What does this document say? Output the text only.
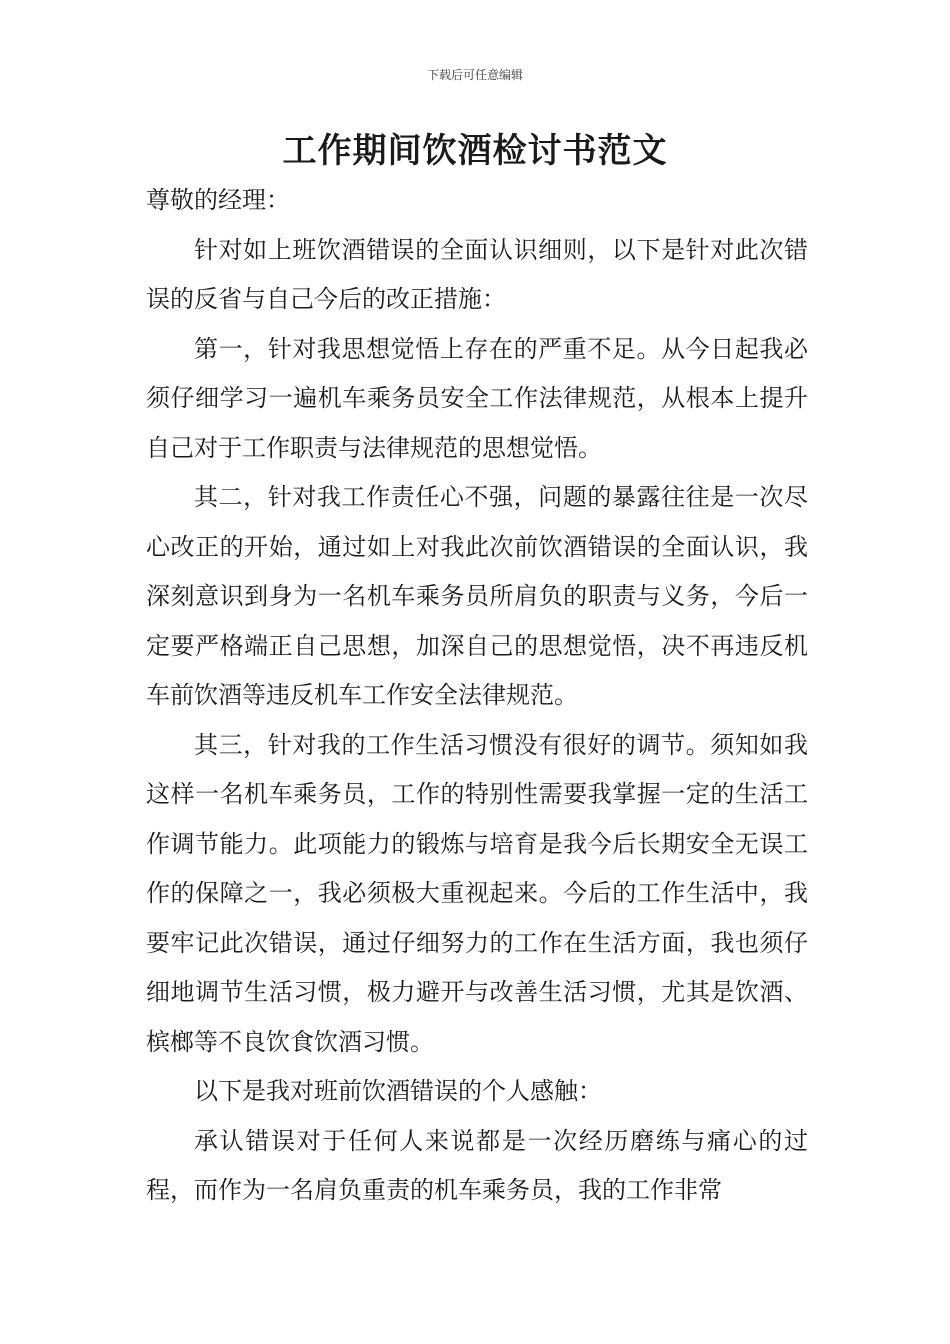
下载后可任意编辑
工作期间饮酒检讨书范文

尊敬的经理：

针对如上班饮酒错误的全面认识细则，以下是针对此次错误的反省与自己今后的改正措施：

第一，针对我思想觉悟上存在的严重不足。从今日起我必须仔细学习一遍机车乘务员安全工作法律规范，从根本上提升自己对于工作职责与法律规范的思想觉悟。

其二，针对我工作责任心不强，问题的暴露往往是一次尽心改正的开始，通过如上对我此次前饮酒错误的全面认识，我深刻意识到身为一名机车乘务员所肩负的职责与义务，今后一定要严格端正自己思想，加深自己的思想觉悟，决不再违反机车前饮酒等违反机车工作安全法律规范。

其三，针对我的工作生活习惯没有很好的调节。须知如我这样一名机车乘务员，工作的特别性需要我掌握一定的生活工作调节能力。此项能力的锻炼与培育是我今后长期安全无误工作的保障之一，我必须极大重视起来。今后的工作生活中，我要牢记此次错误，通过仔细努力的工作在生活方面，我也须仔细地调节生活习惯，极力避开与改善生活习惯，尤其是饮酒、槟榔等不良饮食饮酒习惯。

以下是我对班前饮酒错误的个人感触：

承认错误对于任何人来说都是一次经历磨练与痛心的过程，而作为一名肩负重责的机车乘务员，我的工作非常
